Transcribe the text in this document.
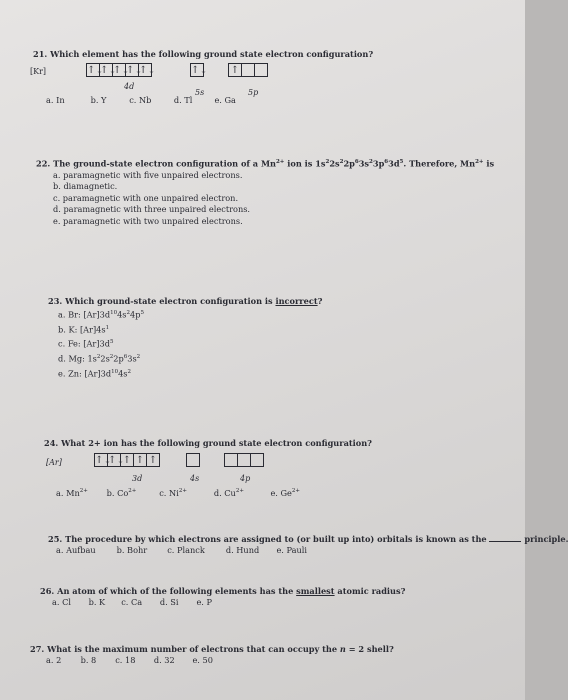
21. Which element has the following ground state electron configuration?
[Kr]	↑↓↑↓↑↓↑↓↑↓	↑↓ ↑
4d
5s	5p
a. In	b. Y	c. Nb	d. Tl	e. Ga
22. The ground-state electron configuration of a $Mn^{2+}$ ion is $1s^22s^22p^63s^23p^63d^5$. Therefore, $Mn^{2+}$ is
a. paramagnetic with five unpaired electrons.
b. diamagnetic.
c. paramagnetic with one unpaired electron.
d. paramagnetic with three unpaired electrons.
e. paramagnetic with two unpaired electrons.
23. Which ground-state electron configuration is incorrect?
a. Br: $[Ar]3d^{10}4s^24p^5$
b. K: $[Ar]4s^1$
c. Fe: $[Ar]3d^5$
d. Mg: $1s^22s^22p^63s^2$
e. Zn: $[Ar]3d^{10}4s^2$
24. What 2+ ion has the following ground state electron configuration?
[Ar]	↑↓↑↓↑ ↑ ↑
3d	4s	4p
a. $Mn^{2+}$ b. $Co^{2+}$	c. $Ni^{2+}$	d. $Cu^{2+}$	e. $Ge^{2+}$
25. The procedure by which electrons are assigned to (or built up into) orbitals is known as the	principle.
a. Aufbau	b. Bohr c. Planck	d. Hund e. Pauli
26. An atom of which of the following elements has the smallest atomic radius?
a. Cl b. K c. Ca d. Si e. P
27. What is the maximum number of electrons that can occupy the n = 2 shell?
a. 2 b. 8 c. 18 d. 32 e. 50
